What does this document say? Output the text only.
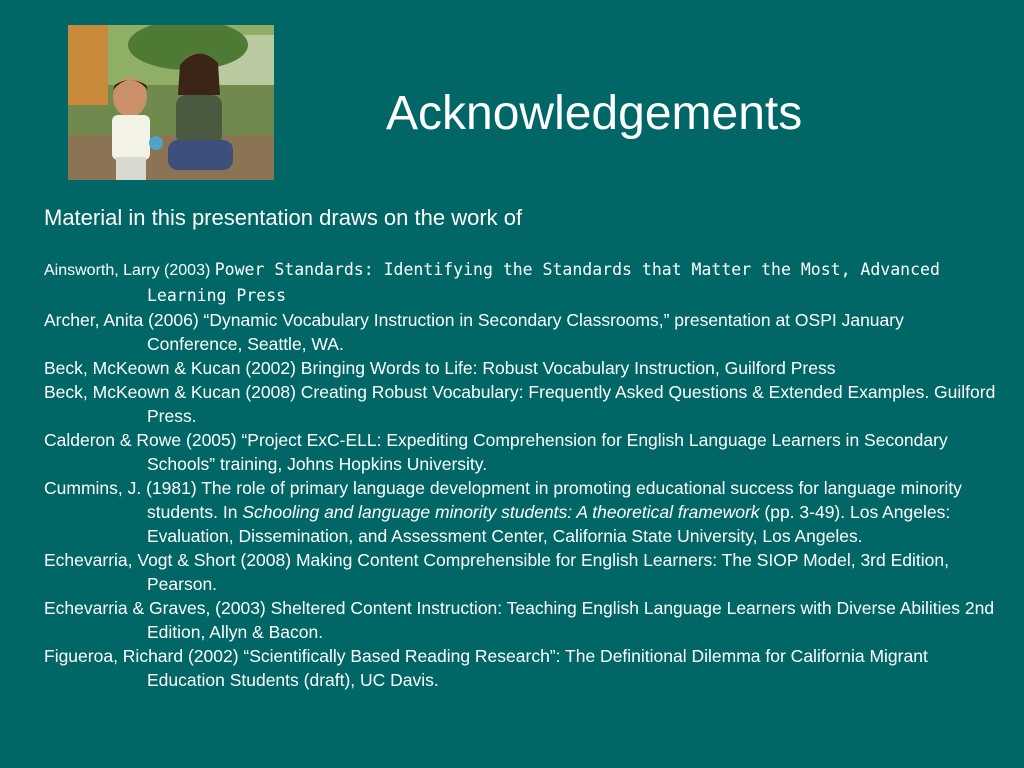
Acknowledgements
Material in this presentation draws on the work of

Ainsworth, Larry (2003) Power Standards: Identifying the Standards that Matter the Most, Advanced Learning Press

Archer, Anita (2006) “Dynamic Vocabulary Instruction in Secondary Classrooms,” presentation at OSPI January Conference, Seattle, WA.

Beck, McKeown & Kucan (2002) Bringing Words to Life: Robust Vocabulary Instruction, Guilford Press

Beck, McKeown & Kucan (2008) Creating Robust Vocabulary: Frequently Asked Questions & Extended Examples. Guilford Press.

Calderon & Rowe (2005) “Project ExC-ELL: Expediting Comprehension for English Language Learners in Secondary Schools” training, Johns Hopkins University.

Cummins, J. (1981) The role of primary language development in promoting educational success for language minority students. In Schooling and language minority students: A theoretical framework (pp. 3-49). Los Angeles: Evaluation, Dissemination, and Assessment Center, California State University, Los Angeles.

Echevarria, Vogt & Short (2008) Making Content Comprehensible for English Learners: The SIOP Model, 3rd Edition, Pearson.

Echevarria & Graves, (2003) Sheltered Content Instruction: Teaching English Language Learners with Diverse Abilities 2nd Edition, Allyn & Bacon.

Figueroa, Richard (2002) “Scientifically Based Reading Research”: The Definitional Dilemma for California Migrant Education Students (draft), UC Davis.
